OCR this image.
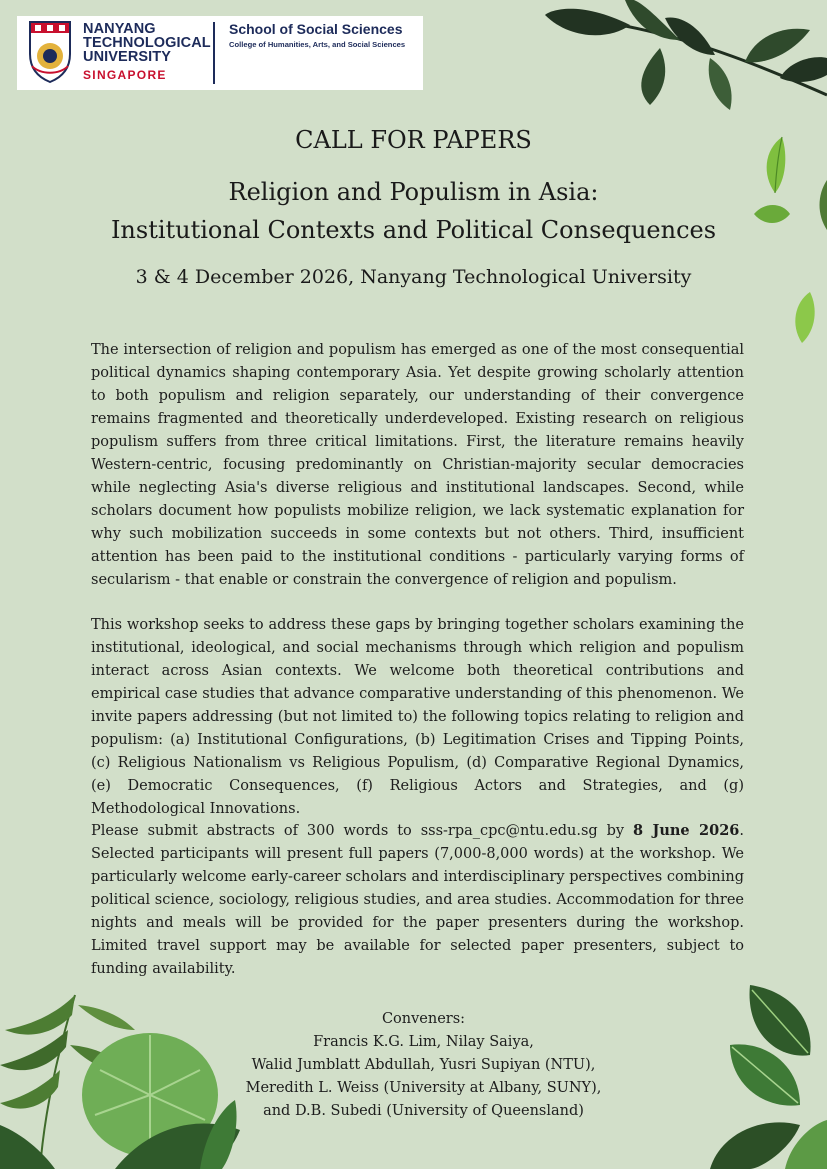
NANYANG
TECHNOLOGICAL
UNIVERSITY
SINGAPORE
School of Social Sciences
College of Humanities, Arts, and Social Sciences
CALL FOR PAPERS
Religion and Populism in Asia:
Institutional Contexts and Political Consequences
3 & 4 December 2026, Nanyang Technological University

The intersection of religion and populism has emerged as one of the most consequential political dynamics shaping contemporary Asia. Yet despite growing scholarly attention to both populism and religion separately, our understanding of their convergence remains fragmented and theoretically underdeveloped. Existing research on religious populism suffers from three critical limitations. First, the literature remains heavily Western-centric, focusing predominantly on Christian-majority secular democracies while neglecting Asia's diverse religious and institutional landscapes. Second, while scholars document how populists mobilize religion, we lack systematic explanation for why such mobilization succeeds in some contexts but not others. Third, insufficient attention has been paid to the institutional conditions - particularly varying forms of secularism - that enable or constrain the convergence of religion and populism.

This workshop seeks to address these gaps by bringing together scholars examining the institutional, ideological, and social mechanisms through which religion and populism interact across Asian contexts. We welcome both theoretical contributions and empirical case studies that advance comparative understanding of this phenomenon. We invite papers addressing (but not limited to) the following topics relating to religion and populism: (a) Institutional Configurations, (b) Legitimation Crises and Tipping Points, (c) Religious Nationalism vs Religious Populism, (d) Comparative Regional Dynamics, (e) Democratic Consequences, (f) Religious Actors and Strategies, and (g) Methodological Innovations.

Please submit abstracts of 300 words to sss-rpa_cpc@ntu.edu.sg by 8 June 2026. Selected participants will present full papers (7,000-8,000 words) at the workshop. We particularly welcome early-career scholars and interdisciplinary perspectives combining political science, sociology, religious studies, and area studies. Accommodation for three nights and meals will be provided for the paper presenters during the workshop. Limited travel support may be available for selected paper presenters, subject to funding availability.

Conveners:
Francis K.G. Lim, Nilay Saiya,
Walid Jumblatt Abdullah, Yusri Supiyan (NTU),
Meredith L. Weiss (University at Albany, SUNY),
and D.B. Subedi (University of Queensland)
